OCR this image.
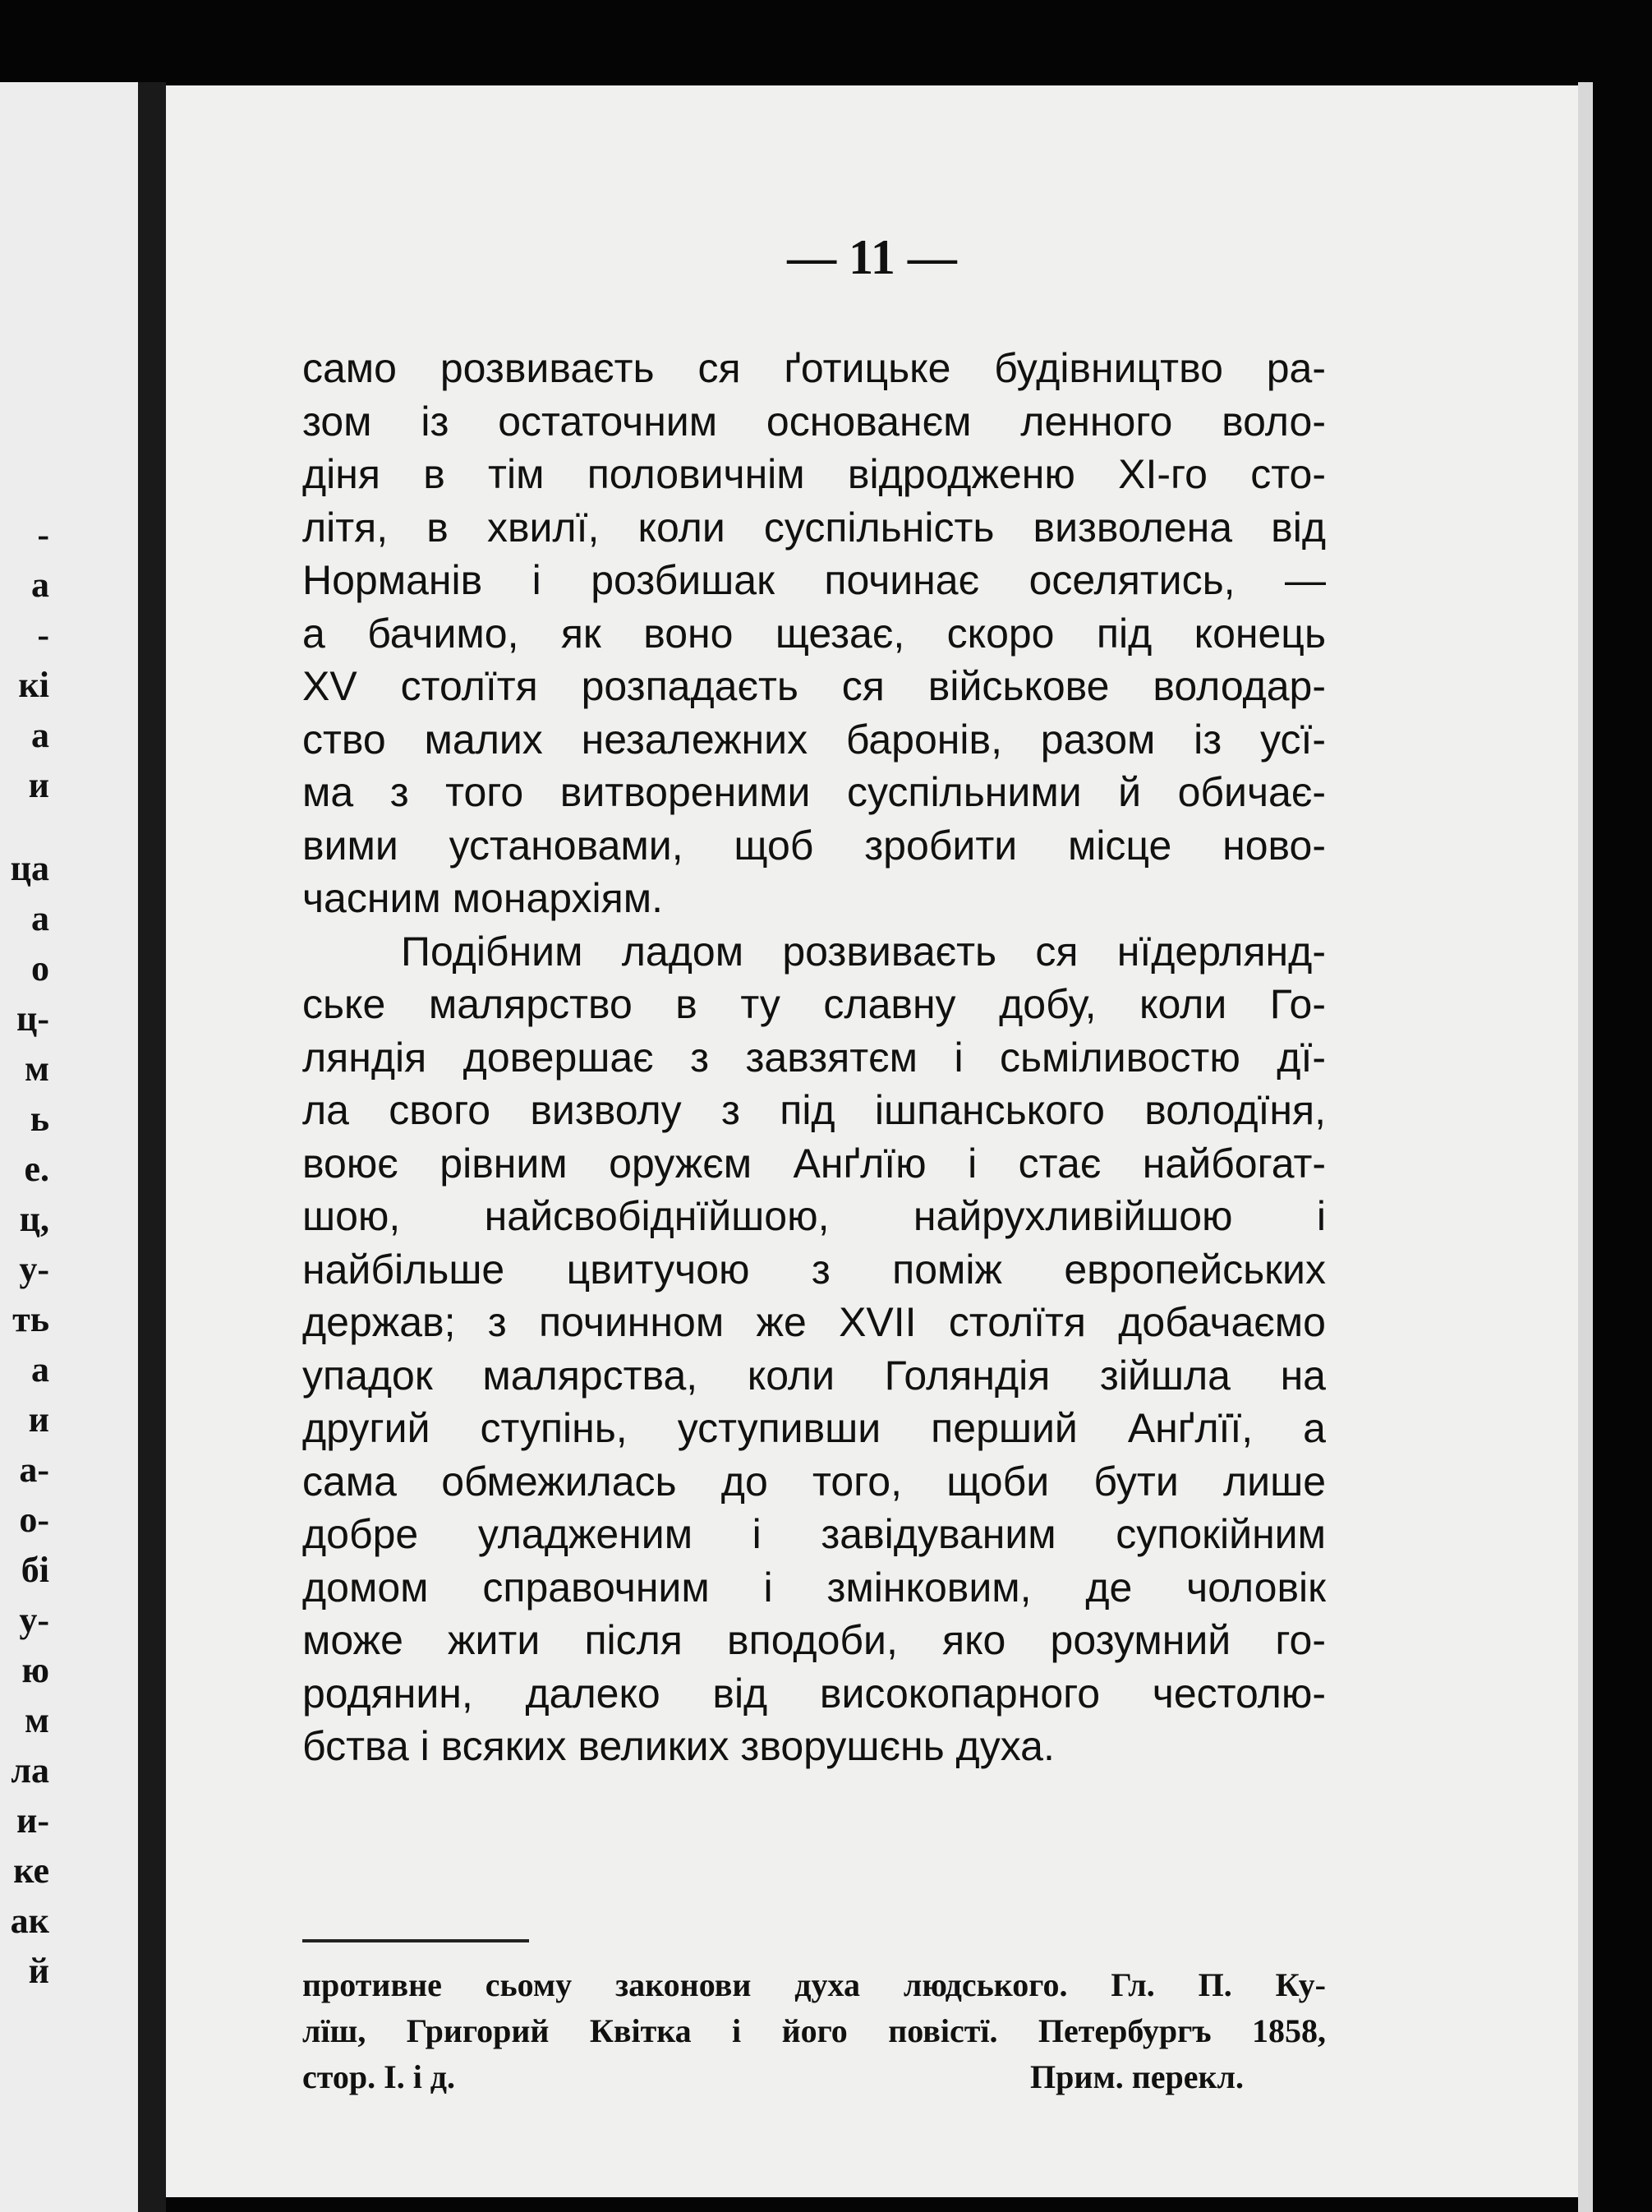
-
а
-
кі
а
и
ца
а
о
ц-
м
ь
е.
ц,
у-
ть
а
и
а-
о-
бі
у-
ю
м
ла
и-
ке
ак
й
— 11 —
само розвиваєть ся ґотицьке будівництво ра-
зом із остаточним основанєм ленного воло-
діня в тім половичнім відродженю XI-го сто-
літя, в хвилї, коли суспільність визволена від
Норманів і розбишак починає оселятись, —
а бачимо, як воно щезає, скоро під конець
XV столїтя розпадаєть ся військове володар-
ство малих незалежних баронів, разом із усї-
ма з того витвореними суспільними й обичає-
вими установами, щоб зробити місце ново-
часним монархіям.
Подібним ладом розвиваєть ся нїдерлянд-
ське малярство в ту славну добу, коли Го-
ляндія довершає з завзятєм і сьміливостю дї-
ла свого визволу з під ішпанського володїня,
воює рівним оружєм Анґлїю і стає найбогат-
шою, найсвобіднїйшою, найрухливійшою і
найбільше цвитучою з поміж европейських
держав; з починном же XVII столїтя добачаємо
упадок малярства, коли Голяндія зійшла на
другий ступінь, уступивши перший Анґлїї, а
сама обмежилась до того, щоби бути лише
добре уладженим і завідуваним супокійним
домом справочним і змінковим, де чоловік
може жити після вподоби, яко розумний го-
родянин, далеко від високопарного честолю-
бства і всяких великих зворушєнь духа.
противне сьому законови духа людського. Гл. П. Ку-
лїш, Григорий Квітка і його повістї. Петербургъ 1858,
стор. І. і д.	Прим. перекл.
